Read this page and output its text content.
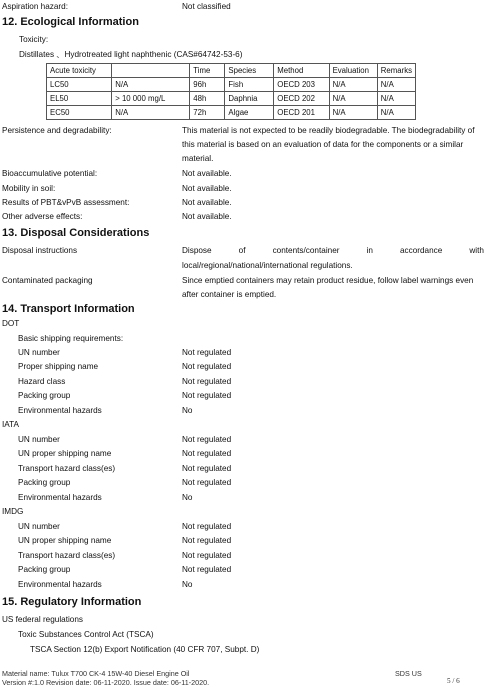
Aspiration hazard:	Not classified
12. Ecological Information
Toxicity:
Distillates 、Hydrotreated light naphthenic (CAS#64742-53-6)
Acute toxicity		Time	Species	Method	Evaluation	Remarks
LC50	N/A	96h	Fish	OECD 203	N/A	N/A
EL50	> 10 000 mg/L	48h	Daphnia	OECD 202	N/A	N/A
EC50	N/A	72h	Algae	OECD 201	N/A	N/A
Persistence and degradability:	This material is not expected to be readily biodegradable. The biodegradability of
this material is based on an evaluation of data for the components or a similar
material.
Bioaccumulative potential:	Not available.
Mobility in soil:	Not available.
Results of PBT&vPvB assessment:	Not available.
Other adverse effects:	Not available.
13. Disposal Considerations
Disposal instructions	Dispose	of	contents/container	in	accordance	with
local/regional/national/international regulations.
Contaminated packaging	Since emptied containers may retain product residue, follow label warnings even
after container is emptied.
14. Transport Information
DOT
Basic shipping requirements:
UN number	Not regulated
Proper shipping name	Not regulated
Hazard class	Not regulated
Packing group	Not regulated
Environmental hazards	No
IATA
UN number	Not regulated
UN proper shipping name	Not regulated
Transport hazard class(es)	Not regulated
Packing group	Not regulated
Environmental hazards	No
IMDG
UN number	Not regulated
UN proper shipping name	Not regulated
Transport hazard class(es)	Not regulated
Packing group	Not regulated
Environmental hazards	No
15. Regulatory Information
US federal regulations
Toxic Substances Control Act (TSCA)
TSCA Section 12(b) Export Notification (40 CFR 707, Subpt. D)
Material name: Tulux T700 CK-4 15W-40 Diesel Engine Oil
Version #:1.0 Revision date: 06-11-2020. Issue date: 06-11-2020.
SDS US
5 / 6
